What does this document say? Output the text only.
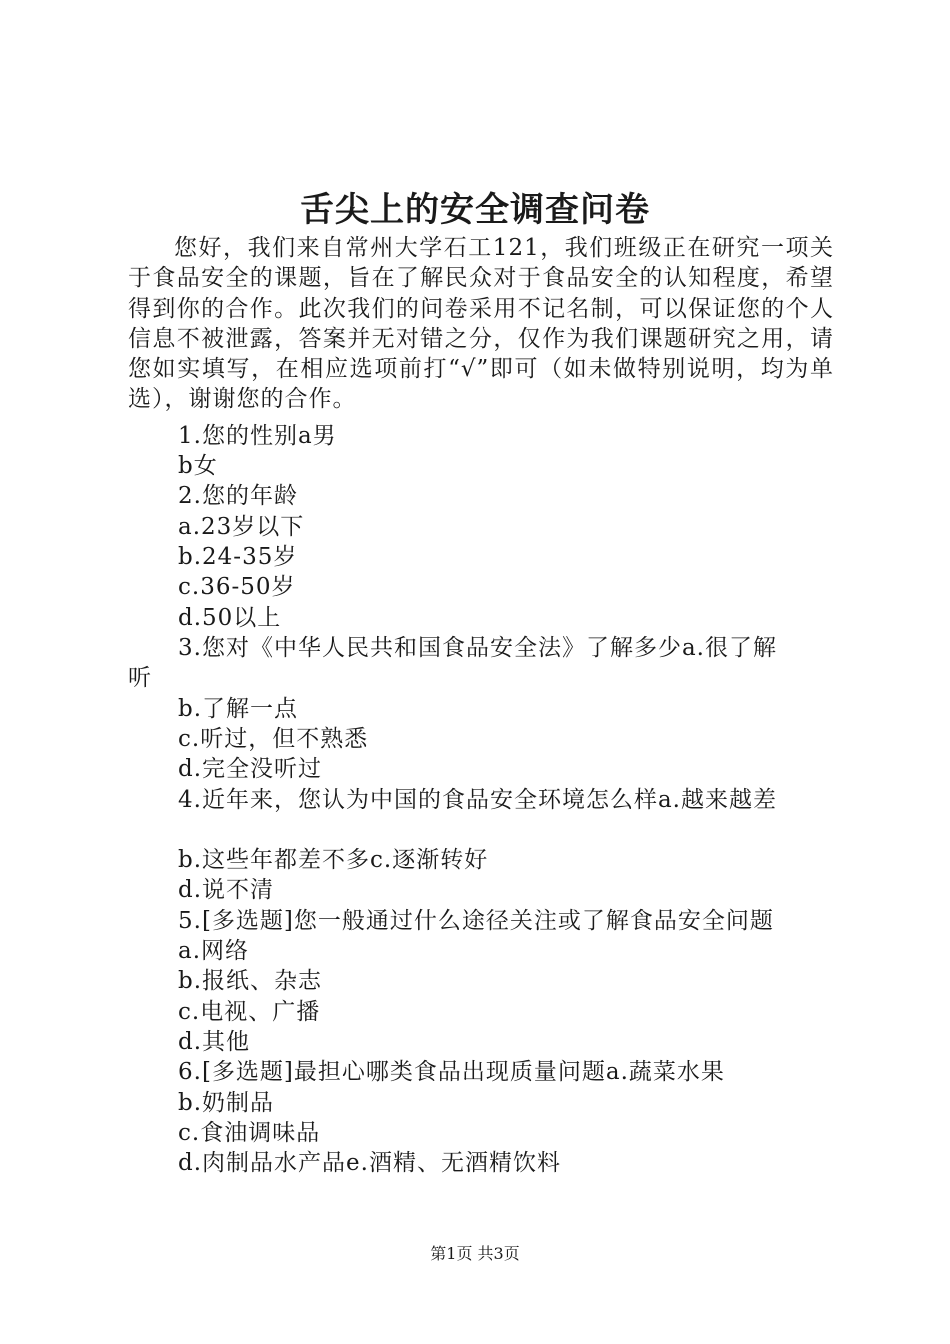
舌尖上的安全调查问卷
您好，我们来自常州大学石工121，我们班级正在研究一项关于食品安全的课题，旨在了解民众对于食品安全的认知程度，希望得到你的合作。此次我们的问卷采用不记名制，可以保证您的个人信息不被泄露，答案并无对错之分，仅作为我们课题研究之用，请您如实填写，在相应选项前打“√”即可（如未做特别说明，均为单选），谢谢您的合作。
1.您的性别a男
b女
2.您的年龄
a.23岁以下
b.24-35岁
c.36-50岁
d.50以上
3.您对《中华人民共和国食品安全法》了解多少a.很了解
听
b.了解一点
c.听过，但不熟悉
d.完全没听过
4.近年来，您认为中国的食品安全环境怎么样a.越来越差
b.这些年都差不多c.逐渐转好
d.说不清
5.[多选题]您一般通过什么途径关注或了解食品安全问题
a.网络
b.报纸、杂志
c.电视、广播
d.其他
6.[多选题]最担心哪类食品出现质量问题a.蔬菜水果
b.奶制品
c.食油调味品
d.肉制品水产品e.酒精、无酒精饮料
第1页 共3页
